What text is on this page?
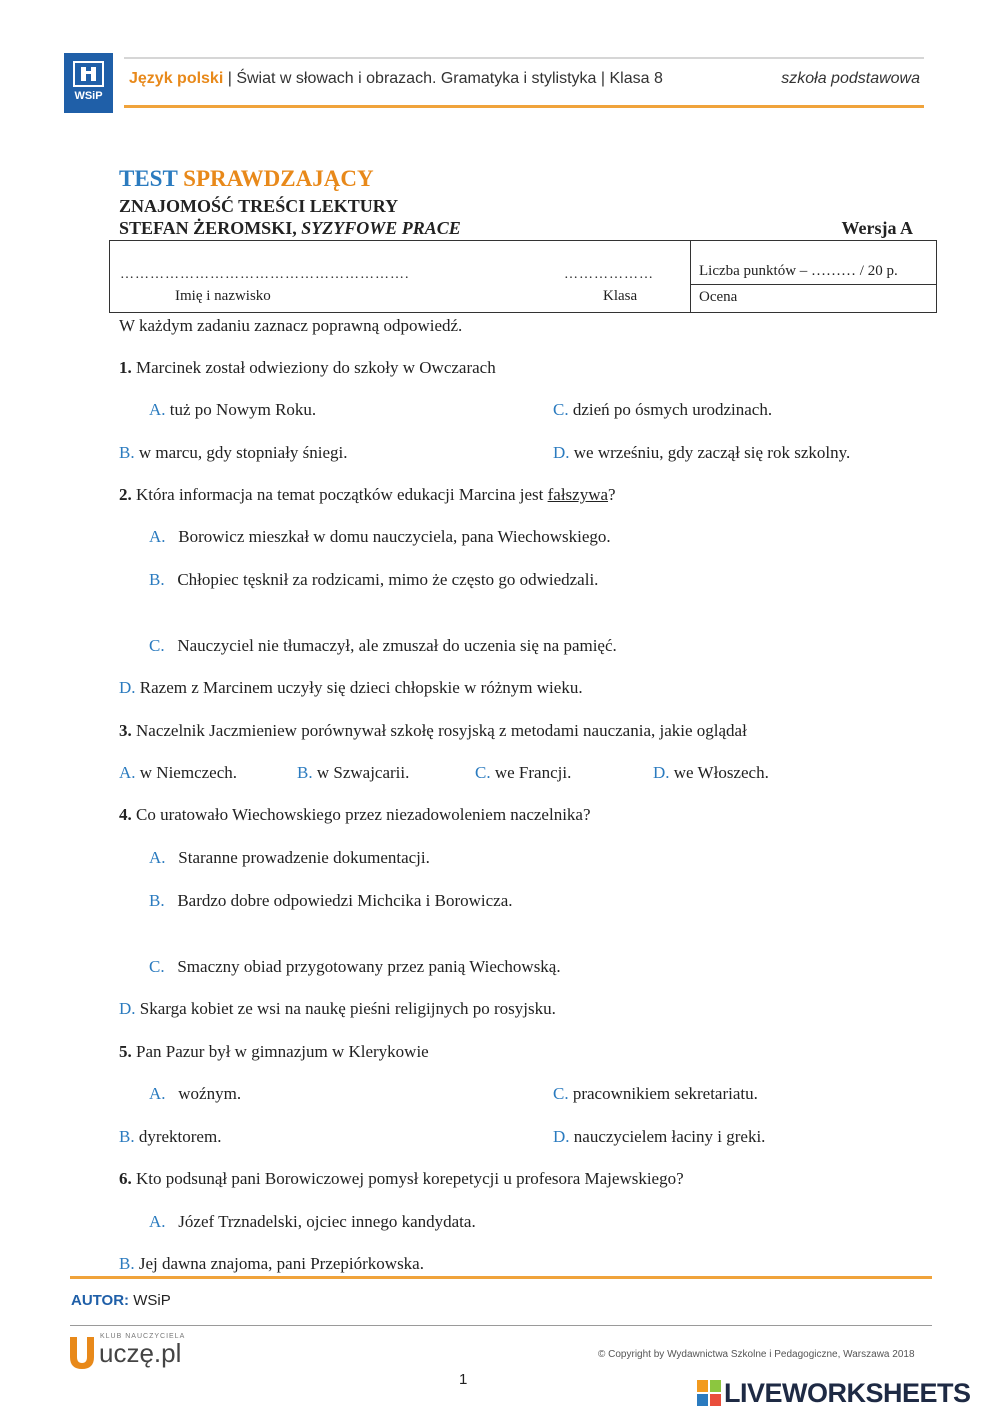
WSiP
Język polski | Świat w słowach i obrazach. Gramatyka i stylistyka | Klasa 8	szkoła podstawowa
TEST SPRAWDZAJĄCY
ZNAJOMOŚĆ TREŚCI LEKTURY
STEFAN ŻEROMSKI, SYZYFOWE PRACE	Wersja A
………………………………………………….
Imię i nazwisko
………………
Klasa
Liczba punktów – ……… / 20 p.
Ocena
W każdym zadaniu zaznacz poprawną odpowiedź.
1. Marcinek został odwieziony do szkoły w Owczarach
A. tuż po Nowym Roku.	C. dzień po ósmych urodzinach.
B. w marcu, gdy stopniały śniegi.	D. we wrześniu, gdy zaczął się rok szkolny.
2. Która informacja na temat początków edukacji Marcina jest fałszywa?
A. Borowicz mieszkał w domu nauczyciela, pana Wiechowskiego.
B. Chłopiec tęsknił za rodzicami, mimo że często go odwiedzali.
C. Nauczyciel nie tłumaczył, ale zmuszał do uczenia się na pamięć.
D. Razem z Marcinem uczyły się dzieci chłopskie w różnym wieku.
3. Naczelnik Jaczmieniew porównywał szkołę rosyjską z metodami nauczania, jakie oglądał
A. w Niemczech.	B. w Szwajcarii.	C. we Francji.	D. we Włoszech.
4. Co uratowało Wiechowskiego przez niezadowoleniem naczelnika?
A. Staranne prowadzenie dokumentacji.
B. Bardzo dobre odpowiedzi Michcika i Borowicza.
C. Smaczny obiad przygotowany przez panią Wiechowską.
D. Skarga kobiet ze wsi na naukę pieśni religijnych po rosyjsku.
5. Pan Pazur był w gimnazjum w Klerykowie
A. woźnym.	C. pracownikiem sekretariatu.
B. dyrektorem.	D. nauczycielem łaciny i greki.
6. Kto podsunął pani Borowiczowej pomysł korepetycji u profesora Majewskiego?
A. Józef Trznadelski, ojciec innego kandydata.
B. Jej dawna znajoma, pani Przepiórkowska.
AUTOR: WSiP
KLUB NAUCZYCIELA
uczę.pl	© Copyright by Wydawnictwa Szkolne i Pedagogiczne, Warszawa 2018
1	LIVEWORKSHEETS
